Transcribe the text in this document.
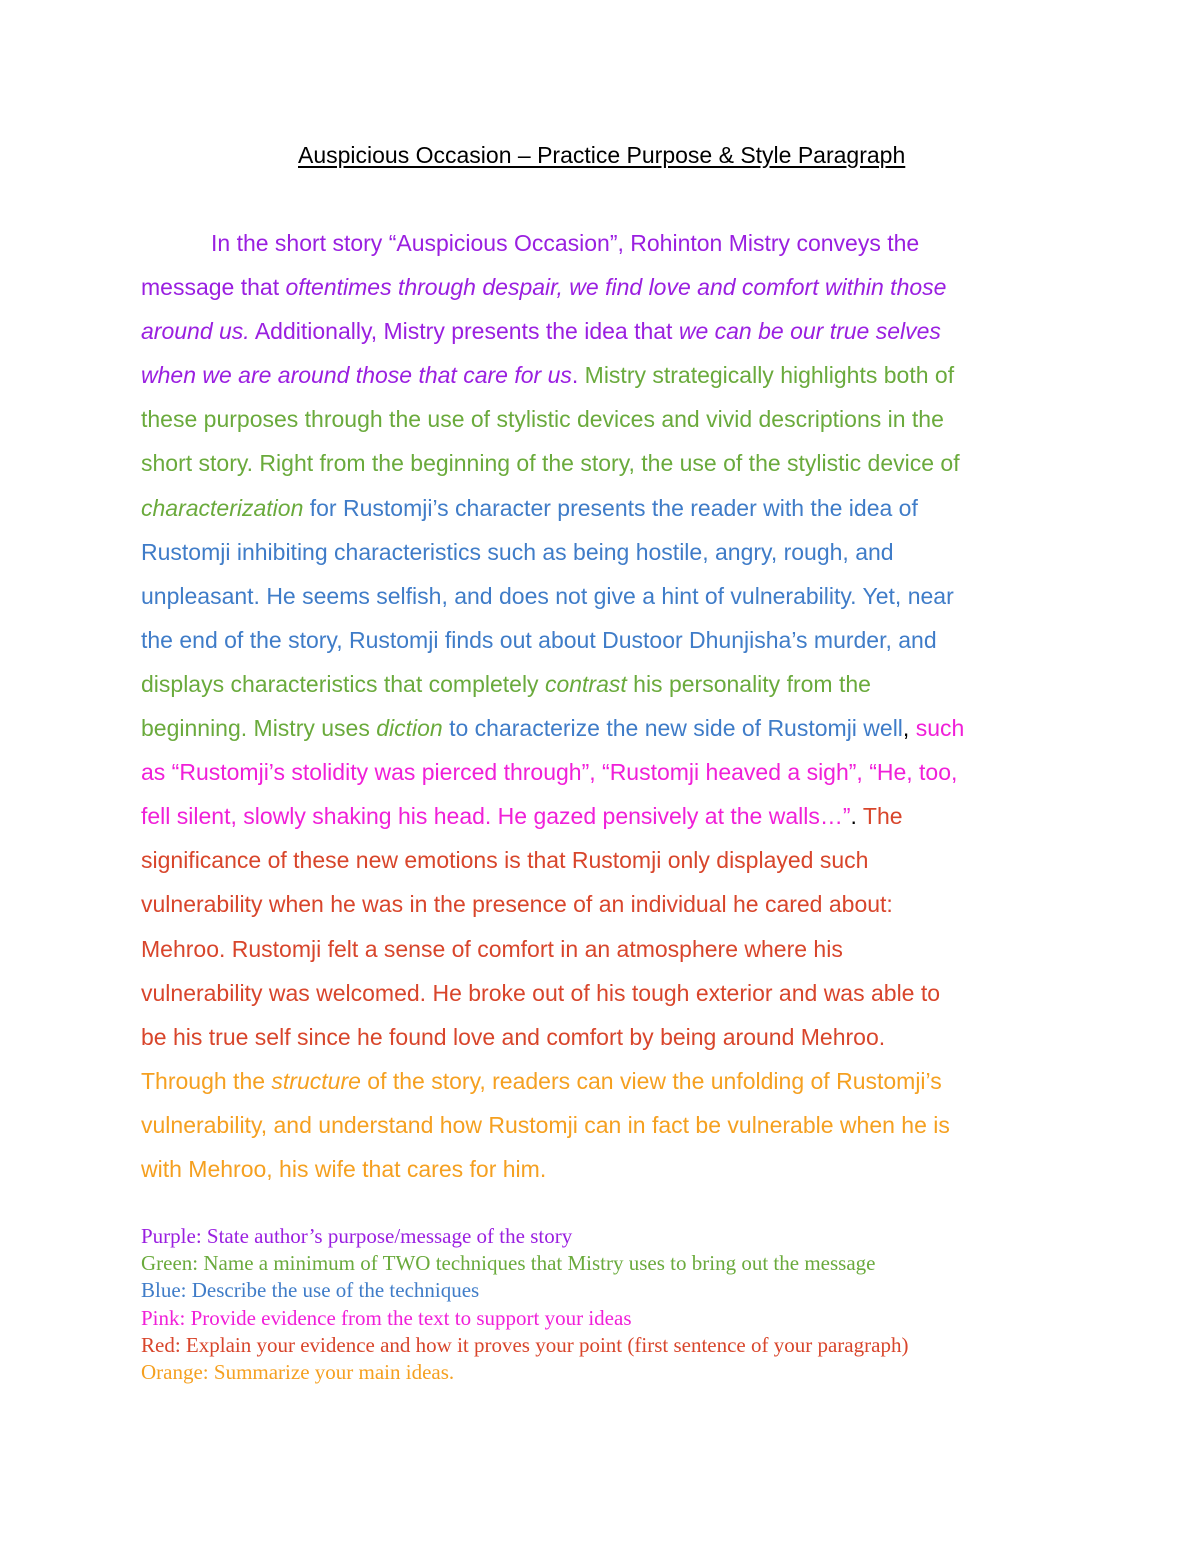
Auspicious Occasion – Practice Purpose & Style Paragraph

In the short story “Auspicious Occasion”, Rohinton Mistry conveys the
message that oftentimes through despair, we find love and comfort within those
around us. Additionally, Mistry presents the idea that we can be our true selves
when we are around those that care for us. Mistry strategically highlights both of
these purposes through the use of stylistic devices and vivid descriptions in the
short story. Right from the beginning of the story, the use of the stylistic device of
characterization for Rustomji’s character presents the reader with the idea of
Rustomji inhibiting characteristics such as being hostile, angry, rough, and
unpleasant. He seems selfish, and does not give a hint of vulnerability. Yet, near
the end of the story, Rustomji finds out about Dustoor Dhunjisha’s murder, and
displays characteristics that completely contrast his personality from the
beginning. Mistry uses diction to characterize the new side of Rustomji well, such
as “Rustomji’s stolidity was pierced through”, “Rustomji heaved a sigh”, “He, too,
fell silent, slowly shaking his head. He gazed pensively at the walls…”. The
significance of these new emotions is that Rustomji only displayed such
vulnerability when he was in the presence of an individual he cared about:
Mehroo. Rustomji felt a sense of comfort in an atmosphere where his
vulnerability was welcomed. He broke out of his tough exterior and was able to
be his true self since he found love and comfort by being around Mehroo.
Through the structure of the story, readers can view the unfolding of Rustomji’s
vulnerability, and understand how Rustomji can in fact be vulnerable when he is
with Mehroo, his wife that cares for him.

Purple: State author’s purpose/message of the story
Green: Name a minimum of TWO techniques that Mistry uses to bring out the message
Blue: Describe the use of the techniques
Pink: Provide evidence from the text to support your ideas
Red: Explain your evidence and how it proves your point (first sentence of your paragraph)
Orange: Summarize your main ideas.
